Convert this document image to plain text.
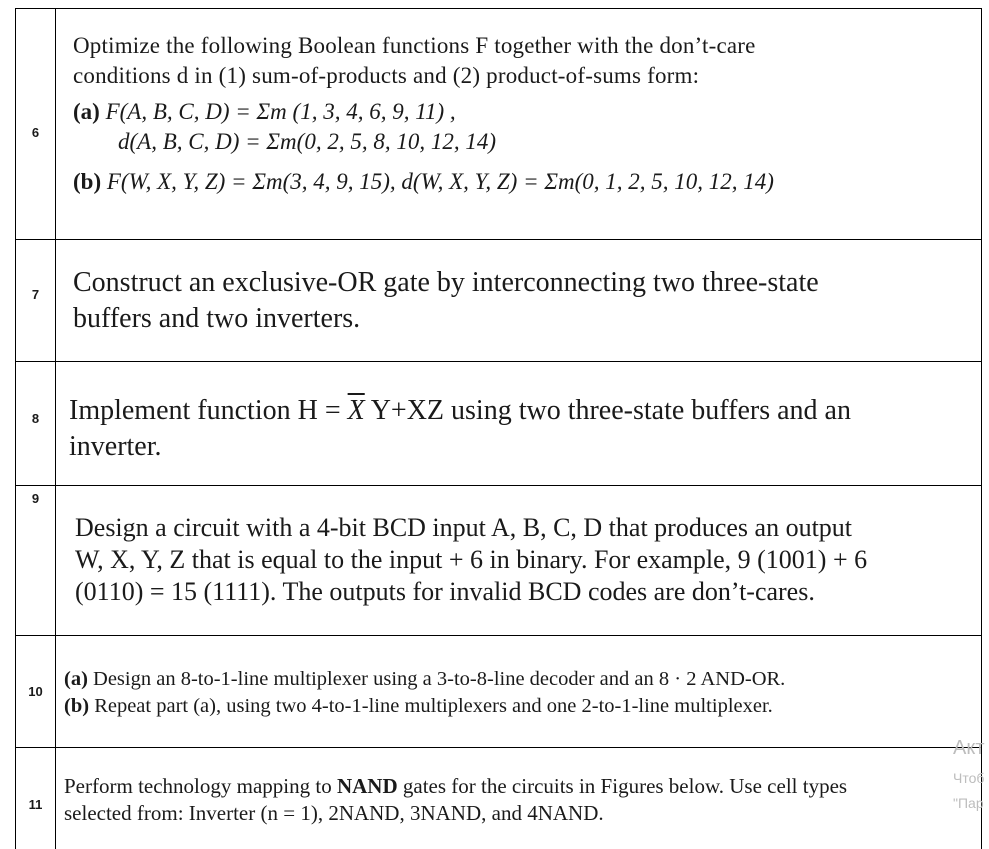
6

Optimize the following Boolean functions F together with the don’t-care

conditions d in (1) sum-of-products and (2) product-of-sums form:

(a) F(A, B, C, D) = Σm (1, 3, 4, 6, 9, 11) ,

d(A, B, C, D) = Σm(0, 2, 5, 8, 10, 12, 14)

(b) F(W, X, Y, Z) = Σm(3, 4, 9, 15), d(W, X, Y, Z) = Σm(0, 1, 2, 5, 10, 12, 14)

7	Construct an exclusive-OR gate by interconnecting two three-state

buffers and two inverters.

8	Implement function $H = \overline{X}$ Y+XZ using two three-state buffers and an

inverter.

9

Design a circuit with a 4-bit BCD input A, B, C, D that produces an output

W, X, Y, Z that is equal to the input + 6 in binary. For example, 9 (1001) + 6

(0110) = 15 (1111). The outputs for invalid BCD codes are don’t-cares.

10

(a) Design an 8-to-1-line multiplexer using a 3-to-8-line decoder and an 8 · 2 AND-OR.

(b) Repeat part (a), using two 4-to-1-line multiplexers and one 2-to-1-line multiplexer.

11

Perform technology mapping to NAND gates for the circuits in Figures below. Use cell types

selected from: Inverter (n = 1), 2NAND, 3NAND, and 4NAND.

Акт
Чтоб
"Пар
